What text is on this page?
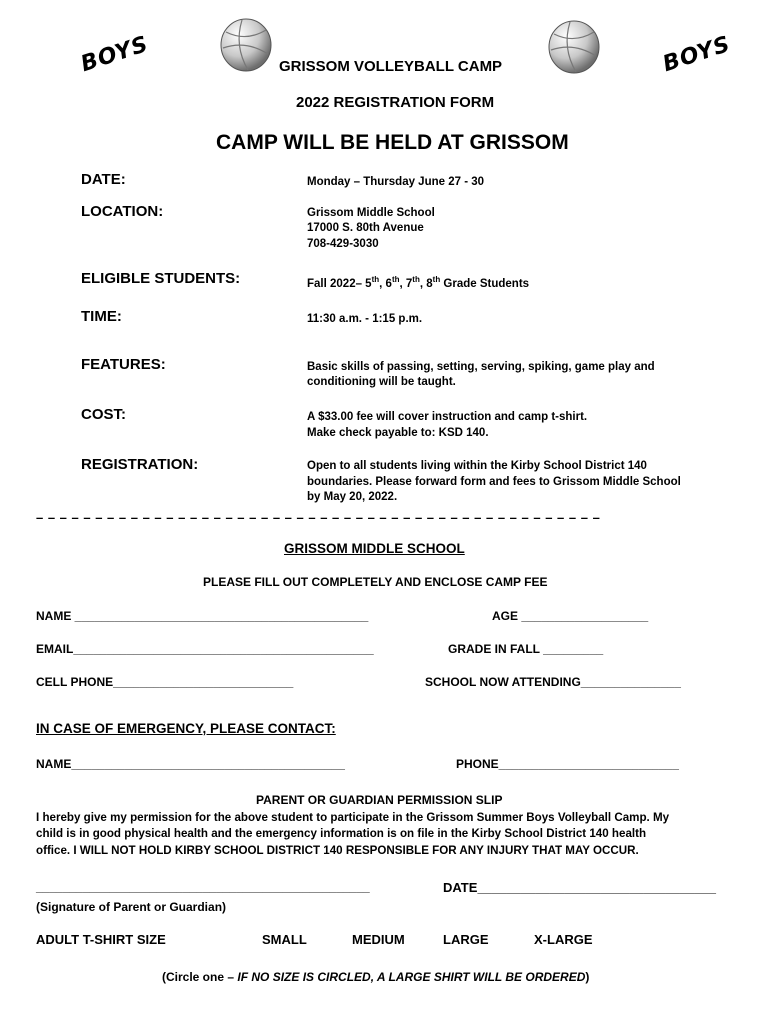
BOYS	BOYS
GRISSOM VOLLEYBALL CAMP
2022 REGISTRATION FORM
CAMP WILL BE HELD AT GRISSOM
DATE:	Monday – Thursday June 27 - 30
LOCATION:	Grissom Middle School
17000 S. 80th Avenue
708-429-3030
ELIGIBLE STUDENTS:	Fall 2022– 5th, 6th, 7th, 8th Grade Students
TIME:	11:30 a.m. - 1:15 p.m.
FEATURES:	Basic skills of passing, setting, serving, spiking, game play and
conditioning will be taught.
COST:	A $33.00 fee will cover instruction and camp t-shirt.
Make check payable to: KSD 140.
REGISTRATION:	Open to all students living within the Kirby School District 140
boundaries. Please forward form and fees to Grissom Middle School
by May 20, 2022.
– – – – – – – – – – – – – – – – – – – – – – – – – – – – – – – – – – – – – – – – – – – – – – – –
GRISSOM MIDDLE SCHOOL
PLEASE FILL OUT COMPLETELY AND ENCLOSE CAMP FEE
NAME ____________________________________________	AGE ___________________
EMAIL_____________________________________________	GRADE IN FALL _________
CELL PHONE___________________________	SCHOOL NOW ATTENDING_______________
IN CASE OF EMERGENCY, PLEASE CONTACT:
NAME_________________________________________	PHONE___________________________
PARENT OR GUARDIAN PERMISSION SLIP
I hereby give my permission for the above student to participate in the Grissom Summer Boys Volleyball Camp. My
child is in good physical health and the emergency information is on file in the Kirby School District 140 health
office. I WILL NOT HOLD KIRBY SCHOOL DISTRICT 140 RESPONSIBLE FOR ANY INJURY THAT MAY OCCUR.
__________________________________________________	DATE_________________________________
(Signature of Parent or Guardian)
ADULT T-SHIRT SIZE	SMALL	MEDIUM	LARGE	X-LARGE
(Circle one – IF NO SIZE IS CIRCLED, A LARGE SHIRT WILL BE ORDERED)
